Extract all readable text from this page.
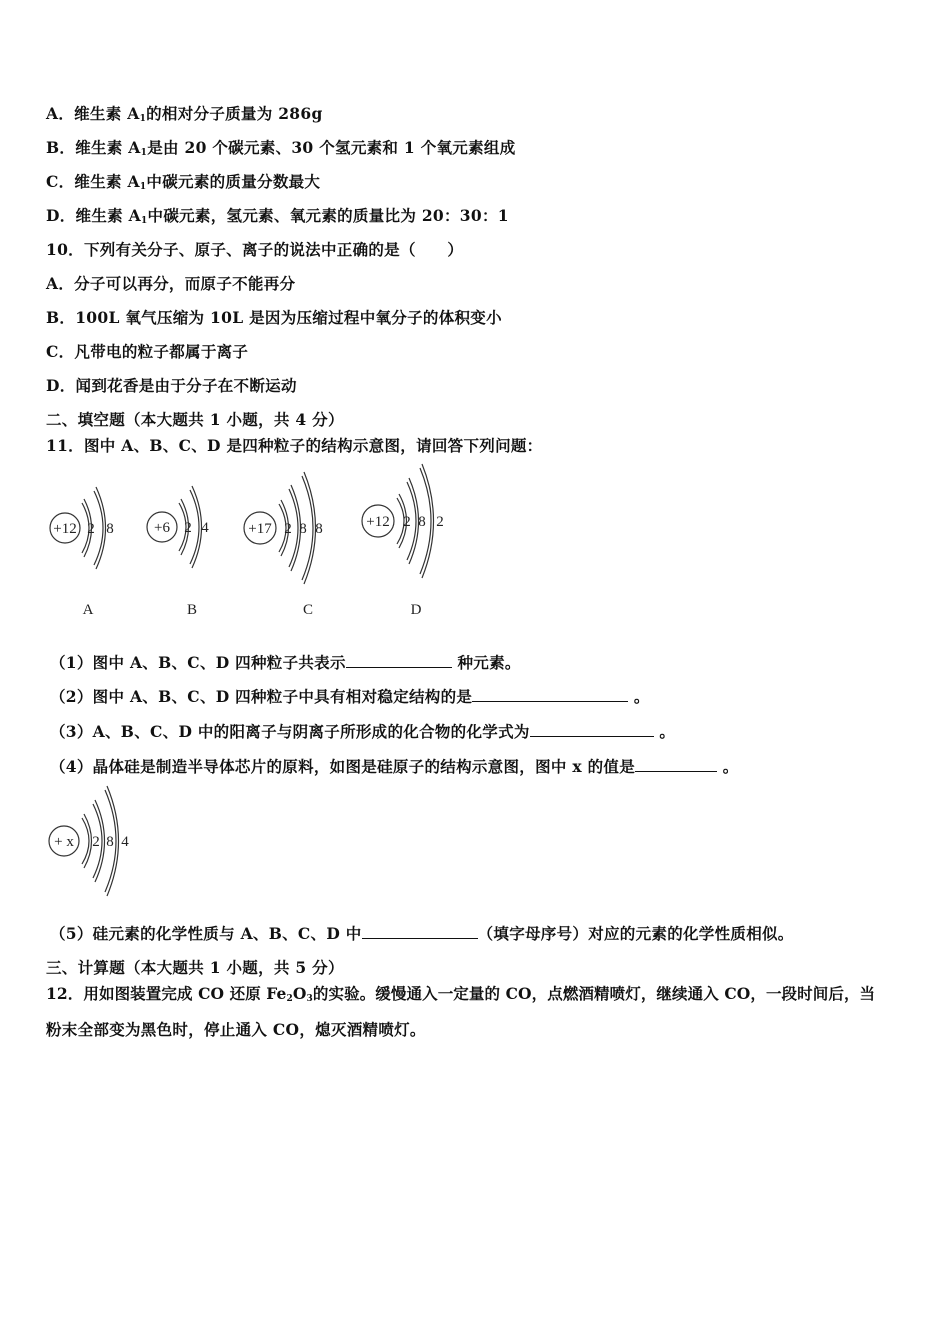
A．维生素 $A_1$的相对分子质量为 286g
B．维生素 $A_1$是由 20 个碳元素、30 个氢元素和 1 个氧元素组成
C．维生素 $A_1$中碳元素的质量分数最大
D．维生素 $A_1$中碳元素，氢元素、氧元素的质量比为 20：30：1
10．下列有关分子、原子、离子的说法中正确的是（　　）
A．分子可以再分，而原子不能再分
B．100L 氧气压缩为 10L 是因为压缩过程中氧分子的体积变小
C．凡带电的粒子都属于离子
D．闻到花香是由于分子在不断运动
二、填空题（本大题共 1 小题，共 4 分）
11．图中 A、B、C、D 是四种粒子的结构示意图，请回答下列问题：
+12 2 8
A
+6 2 4
B
+17 2 8 8
C
+12 2 8 2
D
+ x 2 8 4
（1）图中 A、B、C、D 四种粒子共表示	种元素。
（2）图中 A、B、C、D 四种粒子中具有相对稳定结构的是	。
（3）A、B、C、D 中的阳离子与阴离子所形成的化合物的化学式为	。
（4）晶体硅是制造半导体芯片的原料，如图是硅原子的结构示意图，图中 x 的值是	。
（5）硅元素的化学性质与 A、B、C、D 中	（填字母序号）对应的元素的化学性质相似。
三、计算题（本大题共 1 小题，共 5 分）
12．用如图装置完成 CO 还原 $Fe_2O_3$的实验。缓慢通入一定量的 CO，点燃酒精喷灯，继续通入 CO，一段时间后，当
粉末全部变为黑色时，停止通入 CO，熄灭酒精喷灯。
